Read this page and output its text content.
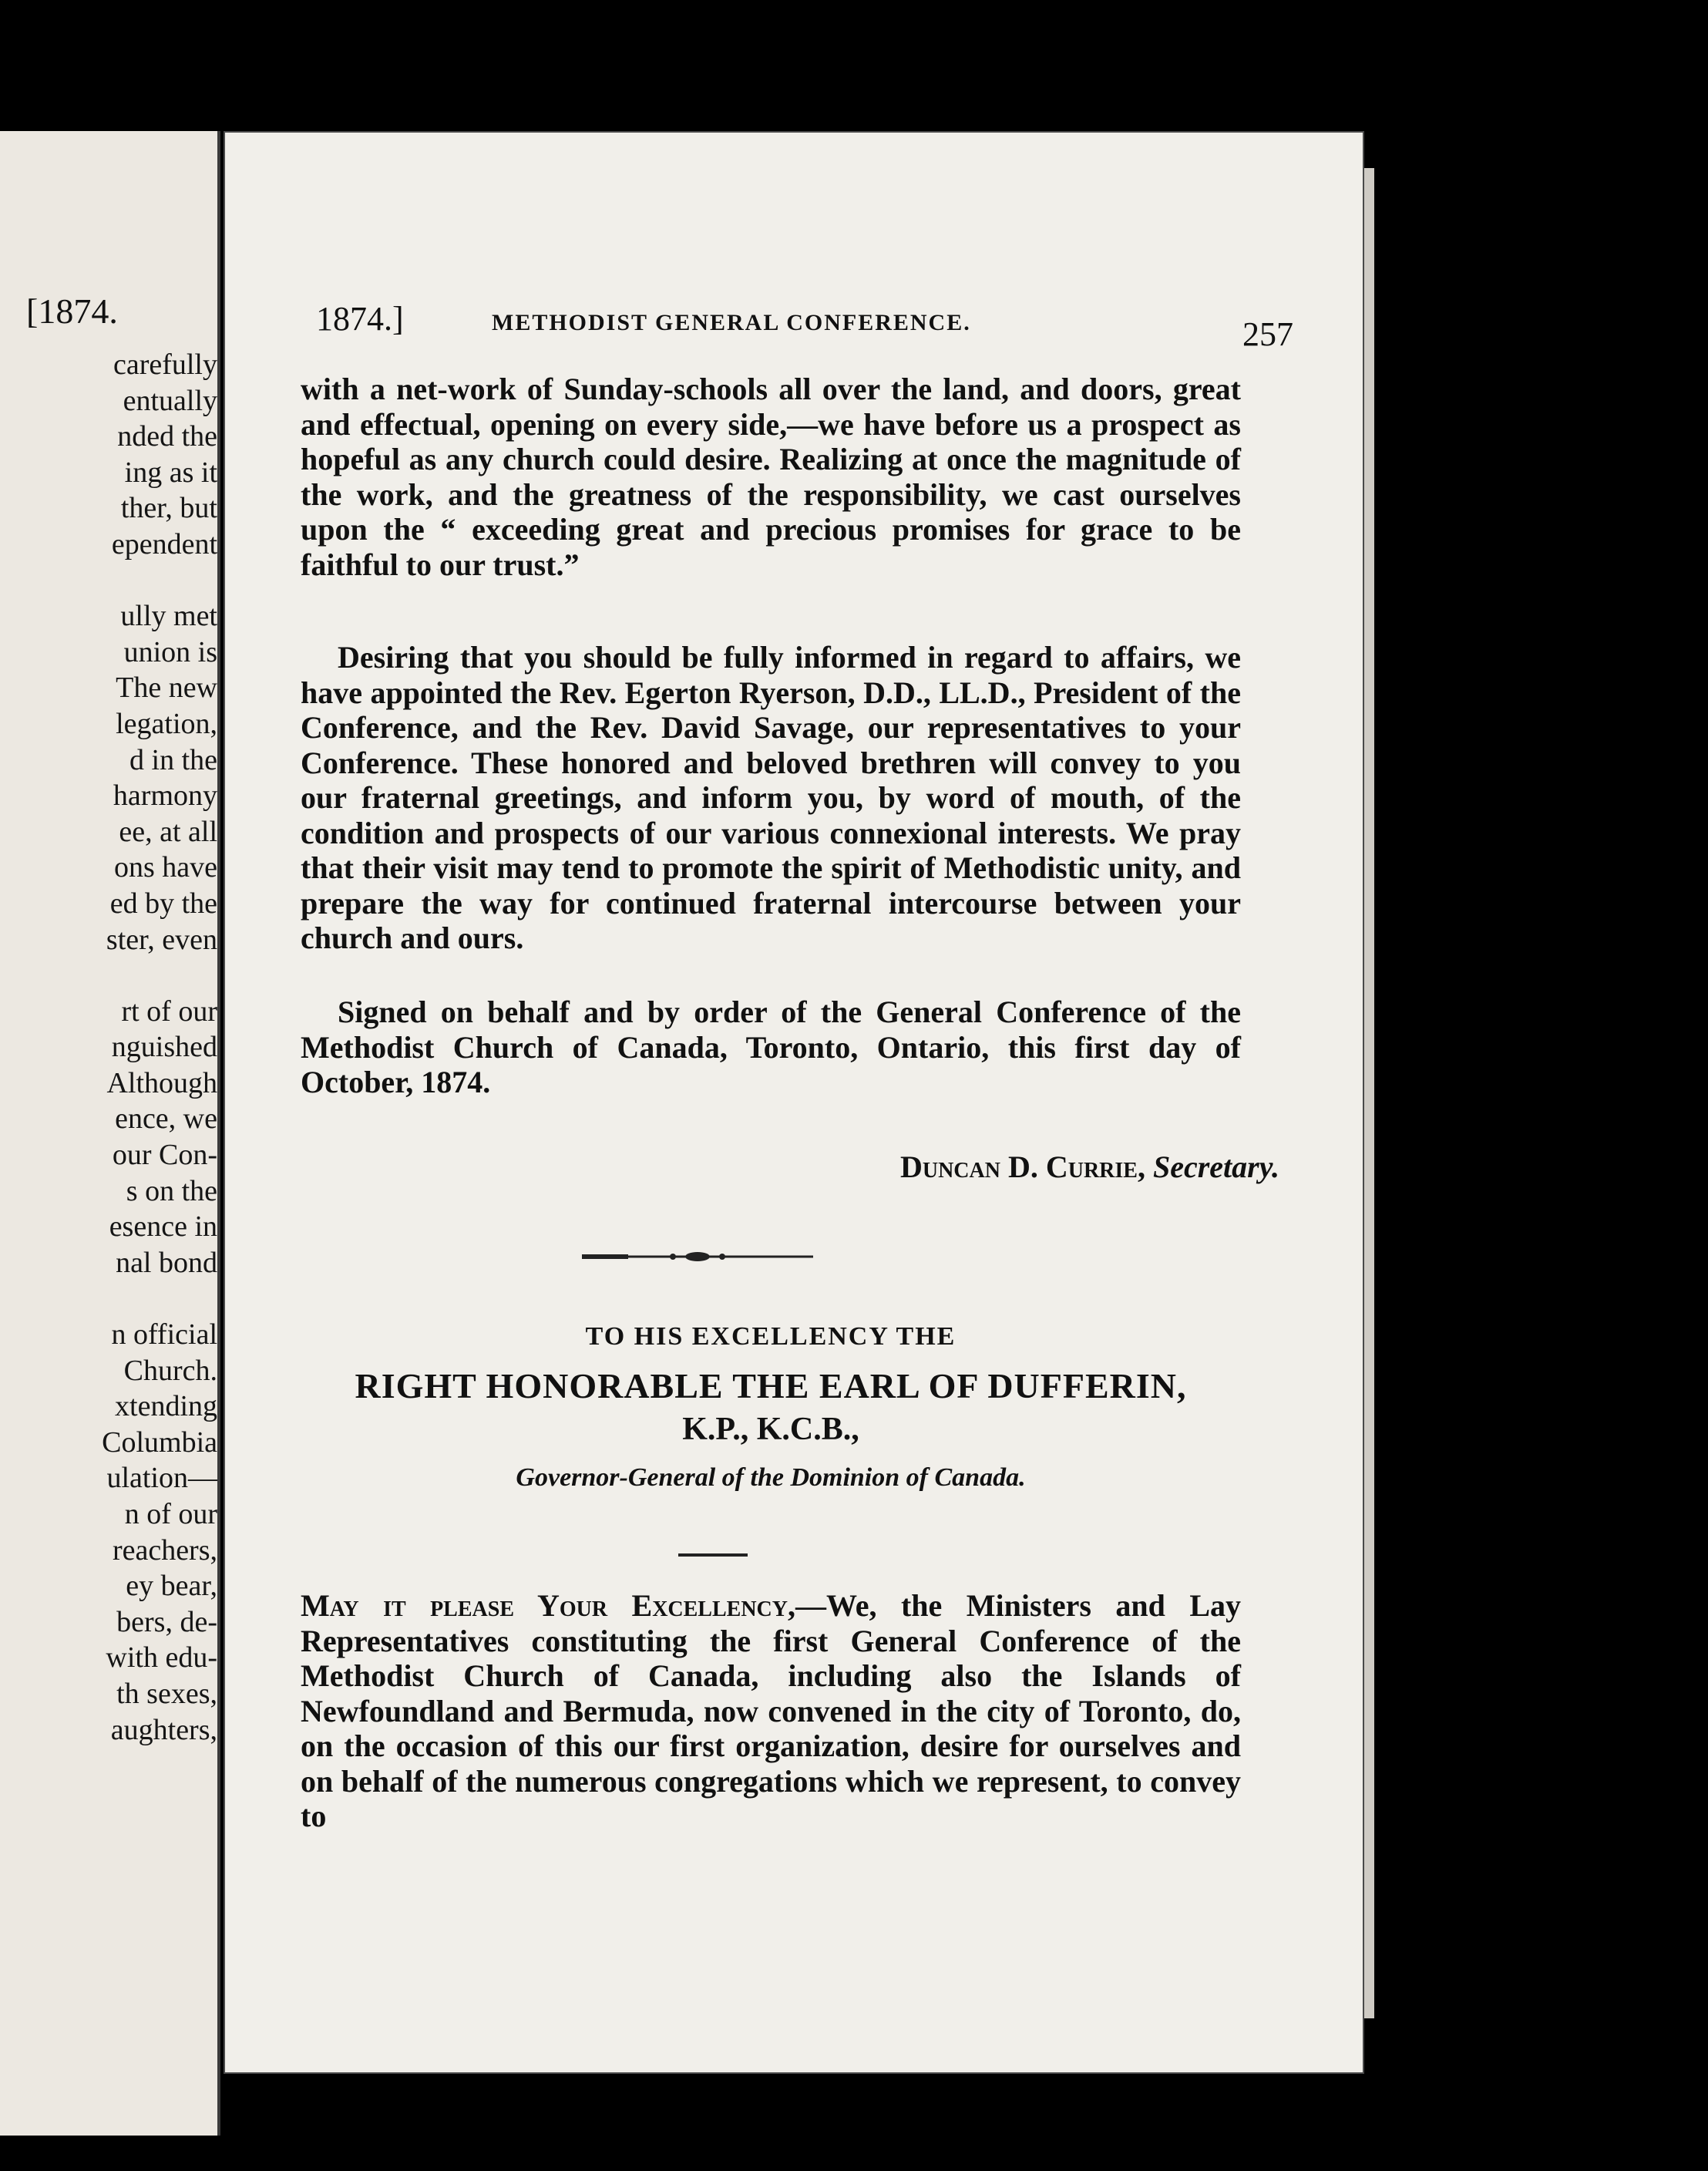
[1874.
carefully
entually
nded the
ing as it
ther, but
ependent
ully met
union is
The new
legation,
d in the
harmony
ee, at all
ons have
ed by the
ster, even
rt of our
nguished
Although
ence, we
our Con-
s on the
esence in
nal bond
n official
Church.
xtending
Columbia
ulation—
n of our
reachers,
ey bear,
bers, de-
with edu-
th sexes,
aughters,
1874.]	METHODIST GENERAL CONFERENCE.	257

with a net-work of Sunday-schools all over the land, and doors, great and effectual, opening on every side,—we have before us a prospect as hopeful as any church could desire. Realizing at once the magnitude of the work, and the greatness of the responsibility, we cast ourselves upon the “ exceeding great and precious promises for grace to be faithful to our trust.”

Desiring that you should be fully informed in regard to affairs, we have appointed the Rev. Egerton Ryerson, D.D., LL.D., President of the Conference, and the Rev. David Savage, our representatives to your Conference. These honored and beloved brethren will convey to you our fraternal greetings, and inform you, by word of mouth, of the condition and prospects of our various connexional interests. We pray that their visit may tend to promote the spirit of Methodistic unity, and prepare the way for continued fraternal intercourse between your church and ours.

Signed on behalf and by order of the General Conference of the Methodist Church of Canada, Toronto, Ontario, this first day of October, 1874.

Duncan D. Currie, Secretary.
TO HIS EXCELLENCY THE
RIGHT HONORABLE THE EARL OF DUFFERIN,
K.P., K.C.B.,
Governor-General of the Dominion of Canada.

May it please Your Excellency,—We, the Ministers and Lay Representatives constituting the first General Conference of the Methodist Church of Canada, including also the Islands of Newfoundland and Bermuda, now convened in the city of Toronto, do, on the occasion of this our first organization, desire for ourselves and on behalf of the numerous congregations which we represent, to convey to
